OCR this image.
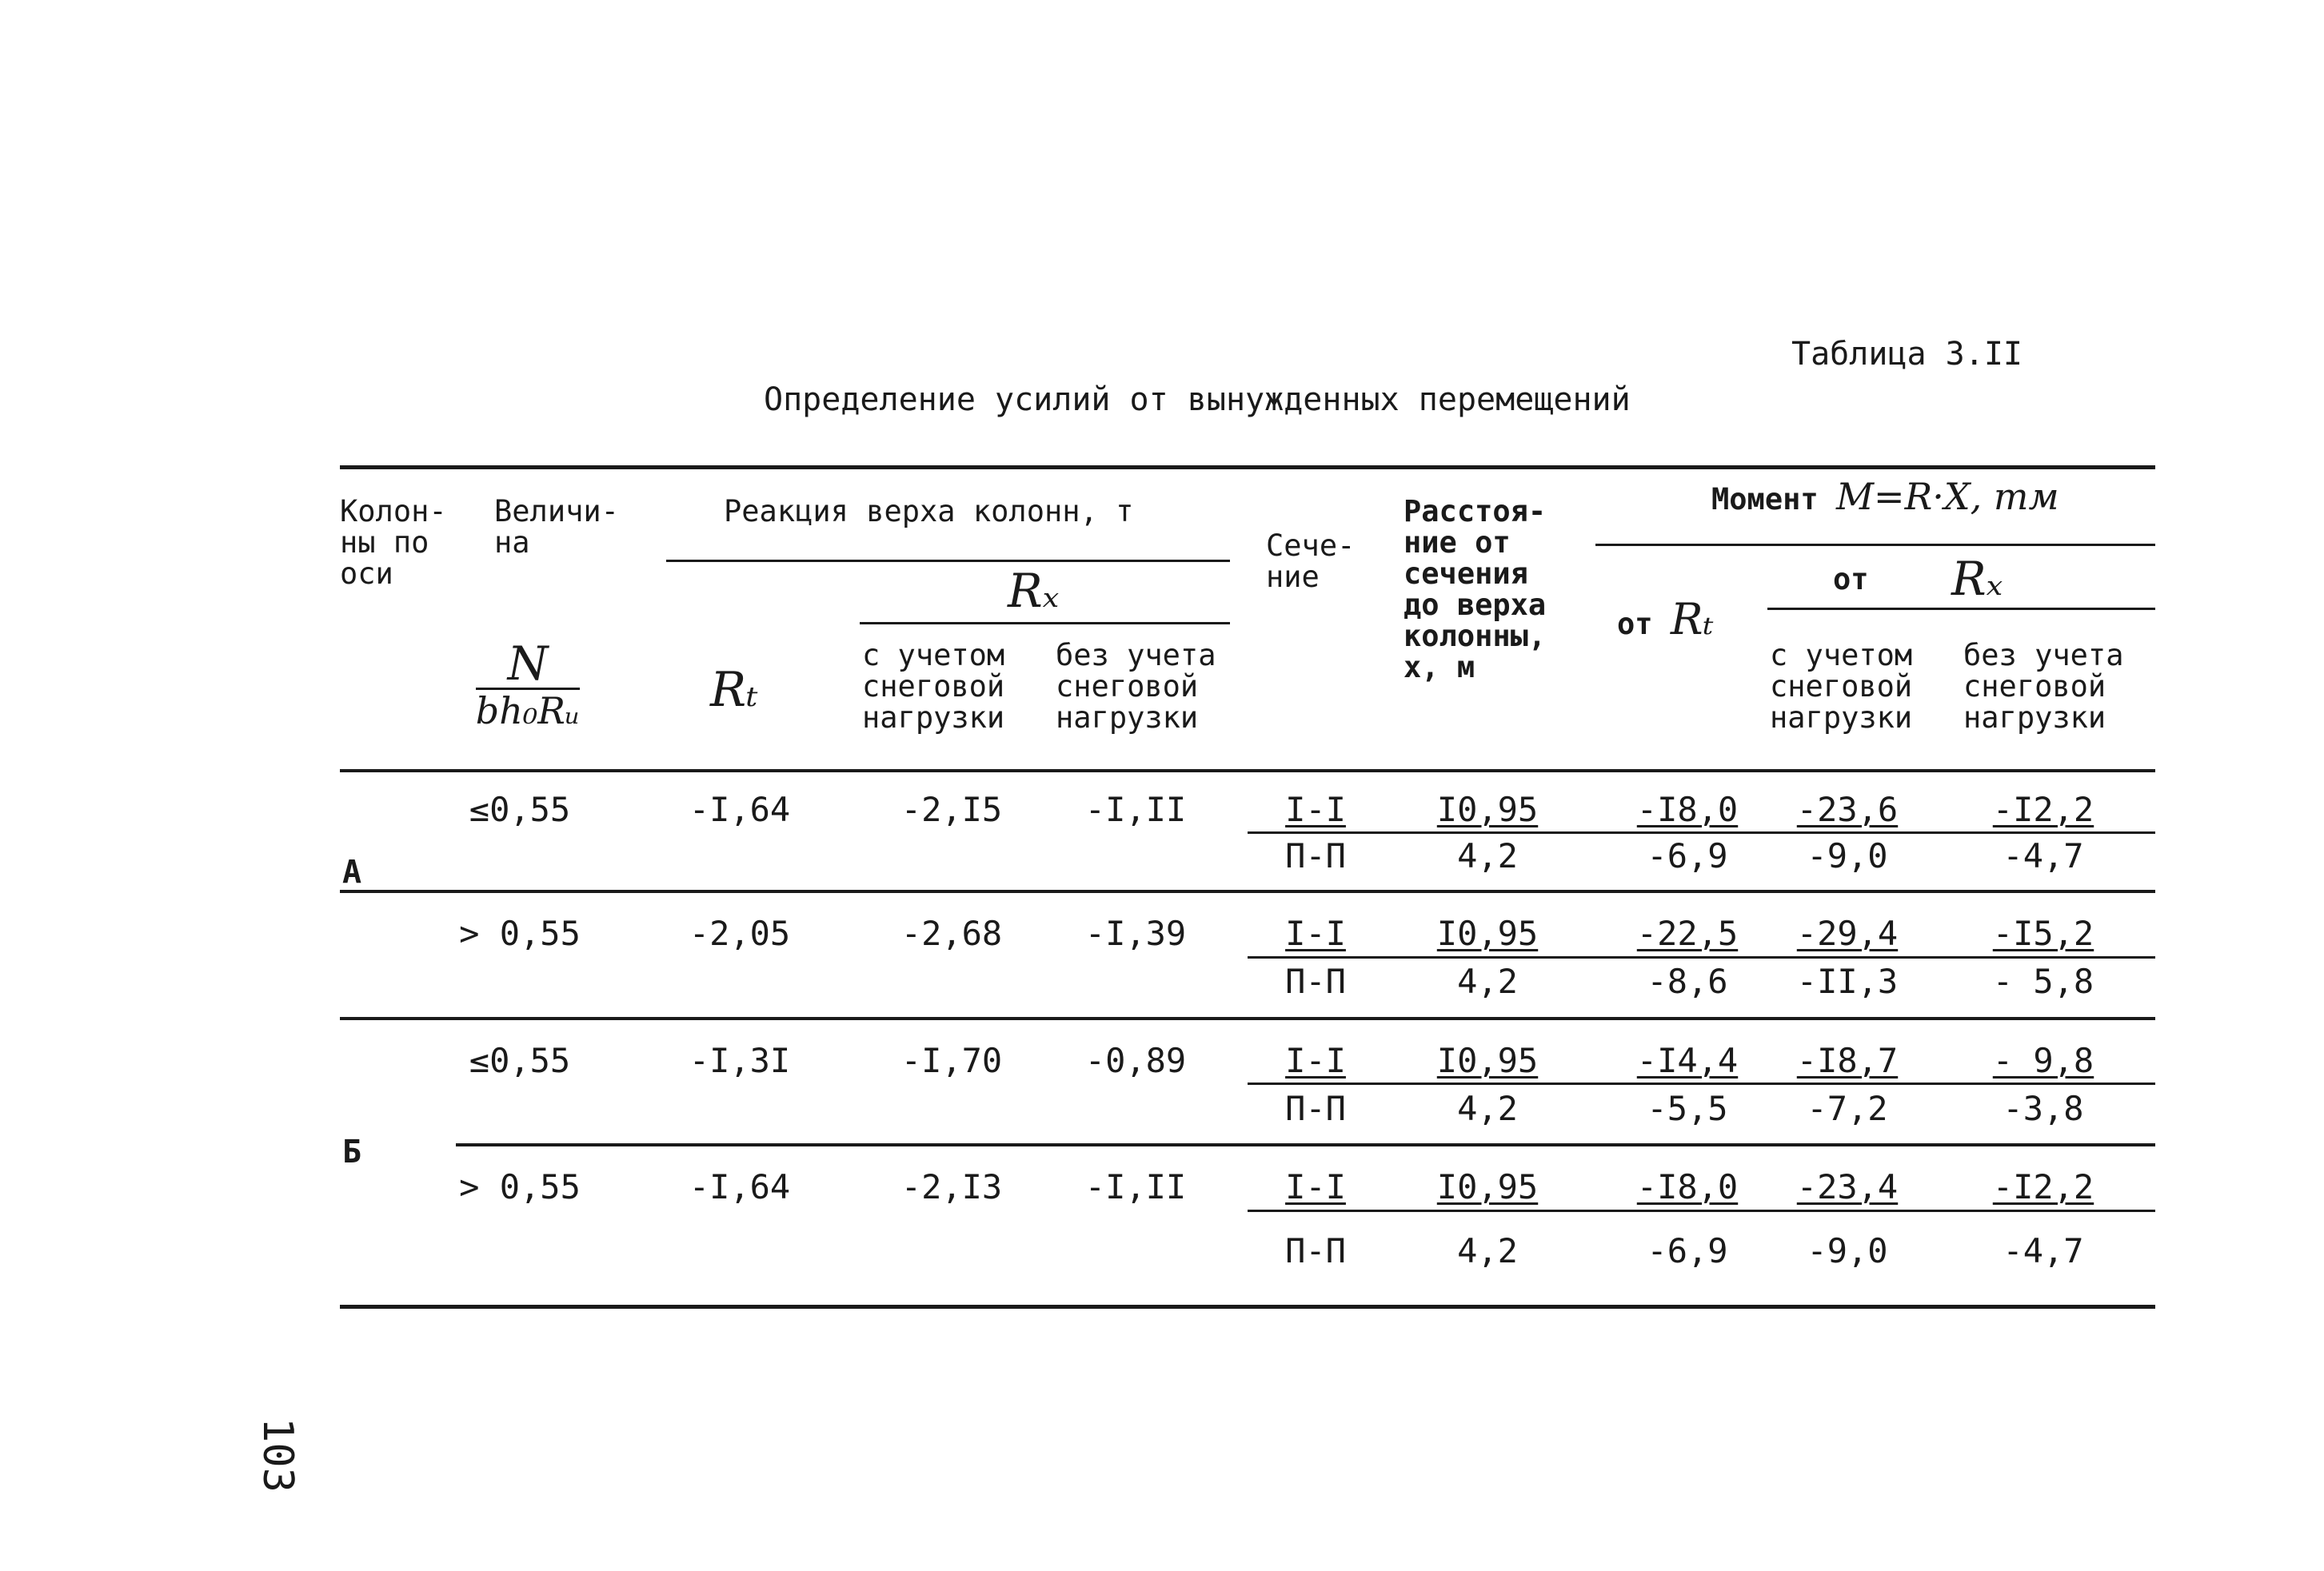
Таблица 3.II
Определение усилий от вынужденных перемещений
Колон-
ны по
оси
Величи-
на
N
bh₀Rᵤ
Реакция верха колонн, т
Rₜ
Rₓ
с учетом
снеговой
нагрузки
без учета
снеговой
нагрузки
Сече-
ние
Расстоя-
ние от
сечения
до верха
колонны,
x, м
Момент M=R·X, тм
от Rₜ
от Rₓ
с учетом
снеговой
нагрузки
без учета
снеговой
нагрузки
≤0,55	-I,64	-2,I5	-I,II	I-I	I0,95	-I8,0	-23,6	-I2,2
П-П	4,2	-6,9	-9,0	-4,7
А
> 0,55	-2,05	-2,68	-I,39	I-I	I0,95	-22,5	-29,4	-I5,2
П-П	4,2	-8,6	-II,3	- 5,8
≤0,55	-I,3I	-I,70	-0,89	I-I	I0,95	-I4,4	-I8,7	- 9,8
П-П	4,2	-5,5	-7,2	-3,8
Б
> 0,55	-I,64	-2,I3	-I,II	I-I	I0,95	-I8,0	-23,4	-I2,2
П-П	4,2	-6,9	-9,0	-4,7
103
